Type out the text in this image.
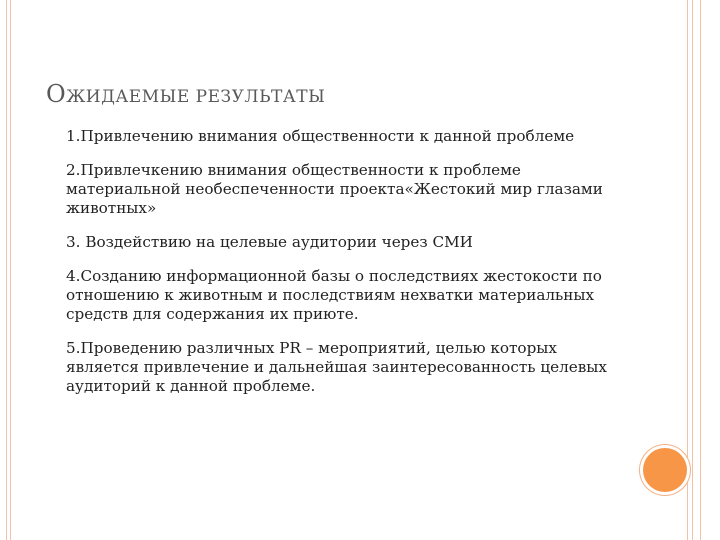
ОЖИДАЕМЫЕ РЕЗУЛЬТАТЫ

1.Привлечению внимания общественности к данной проблеме

2.Привлечкению внимания общественности к проблеме материальной необеспеченности проекта«Жестокий мир глазами животных»

3. Воздействию на целевые аудитории через СМИ

4.Созданию информационной базы о последствиях жестокости по отношению к животным и последствиям нехватки материальных средств для содержания их приюте.

5.Проведению различных PR – мероприятий, целью которых является привлечение и дальнейшая заинтересованность целевых аудиторий к данной проблеме.
